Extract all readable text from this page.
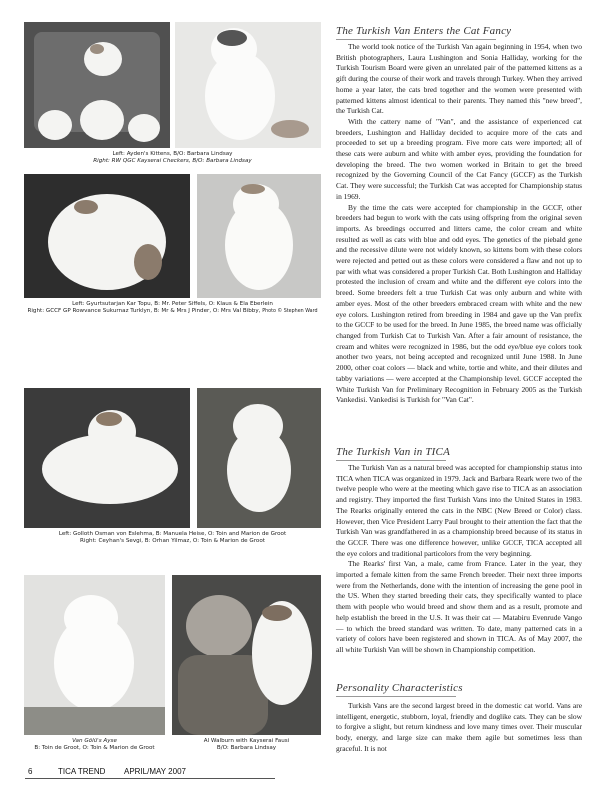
Left: Ayden's Kittens, B/O: Barbara Lindsay
Right: RW QGC Kayserai Checkers, B/O: Barbara Lindsay
Left: Gyurtsutarjan Kar Topu, B: Mr. Peter Siffels, O: Klaus & Ela Eberlein
Right: GCCF GP Rowvance Sukurnaz Turklyn, B: Mr & Mrs J Pinder, O: Mrs Val Bibby, Photo © Stephen Ward
Left: Golloth Osman von Eslehma, B: Manuela Heise, O: Toin and Marion de Groot
Right: Ceyhan's Sevgi, B: Orhan Yilmaz, O: Toin & Marion de Groot
Van Gölü's Ayse
B: Toin de Groot, O: Toin & Marion de Groot
Al Walburn with Kayserai Fausi
B/O: Barbara Lindsay
The Turkish Van Enters the Cat Fancy

The world took notice of the Turkish Van again beginning in 1954, when two British photographers, Laura Lushington and Sonia Halliday, working for the Turkish Tourism Board were given an unrelated pair of the patterned kittens as a gift during the course of their work and travels through Turkey. When they arrived home a year later, the cats bred together and the women were presented with patterned kittens almost identical to their parents. They named this "new breed", the Turkish Cat.

With the cattery name of "Van", and the assistance of experienced cat breeders, Lushington and Halliday decided to acquire more of the cats and proceeded to set up a breeding program. Five more cats were imported; all of these cats were auburn and white with amber eyes, providing the foundation for developing the breed. The two women worked in Britain to get the breed recognized by the Governing Council of the Cat Fancy (GCCF) as the Turkish Cat. They were successful; the Turkish Cat was accepted for Championship status in 1969.

By the time the cats were accepted for championship in the GCCF, other breeders had begun to work with the cats using offspring from the original seven imports. As breedings occurred and litters came, the color cream and white resulted as well as cats with blue and odd eyes. The genetics of the piebald gene and the recessive dilute were not widely known, so kittens born with these colors were rejected and petted out as these colors were considered a flaw and not up to par with what was considered a proper Turkish Cat. Both Lushington and Halliday protested the inclusion of cream and white and the different eye colors into the breed. Some breeders felt a true Turkish Cat was only auburn and white with amber eyes. Most of the other breeders embraced cream with white and the new eye colors. Lushington retired from breeding in 1984 and gave up the Van prefix to the GCCF to be used for the breed. In June 1985, the breed name was officially changed from Turkish Cat to Turkish Van. After a fair amount of resistance, the cream and whites were recognized in 1986, but the odd eye/blue eye colors took another two years, not being accepted and recognized until June 1988. In June 2000, other coat colors — black and white, tortie and white, and their dilutes and tabby variations — were accepted at the Championship level. GCCF accepted the White Turkish Van for Preliminary Recognition in February 2005 as the Turkish Vankedisi. Vankedisi is Turkish for "Van Cat".

The Turkish Van in TICA

The Turkish Van as a natural breed was accepted for championship status into TICA when TICA was organized in 1979. Jack and Barbara Reark were two of the twelve people who were at the meeting which gave rise to TICA as an association and registry. They imported the first Turkish Vans into the United States in 1983. The Rearks originally entered the cats in the NBC (New Breed or Color) class. However, then Vice President Larry Paul brought to their attention the fact that the Turkish Van was grandfathered in as a championship breed because of its status in the GCCF. There was one difference however, unlike GCCF, TICA accepted all the eye colors and traditional particolors from the very beginning.

The Rearks' first Van, a male, came from France. Later in the year, they imported a female kitten from the same French breeder. Their next three imports were from the Netherlands, done with the intention of increasing the gene pool in the US. When they started breeding their cats, they specifically wanted to place them with people who would breed and show them and as a result, promote and help establish the breed in the U.S. It was their cat — Matabiru Evenrude Vango — to which the breed standard was written. To date, many patterned cats in a variety of colors have been registered and shown in TICA. As of May 2007, the all white Turkish Van will be shown in Championship competition.

Personality Characteristics

Turkish Vans are the second largest breed in the domestic cat world. Vans are intelligent, energetic, stubborn, loyal, friendly and doglike cats. They can be slow to forgive a slight, but return kindness and love many times over. Their muscular body, energy, and large size can make them agile but sometimes less than graceful. It is not

6	TICA TREND APRIL/MAY 2007
